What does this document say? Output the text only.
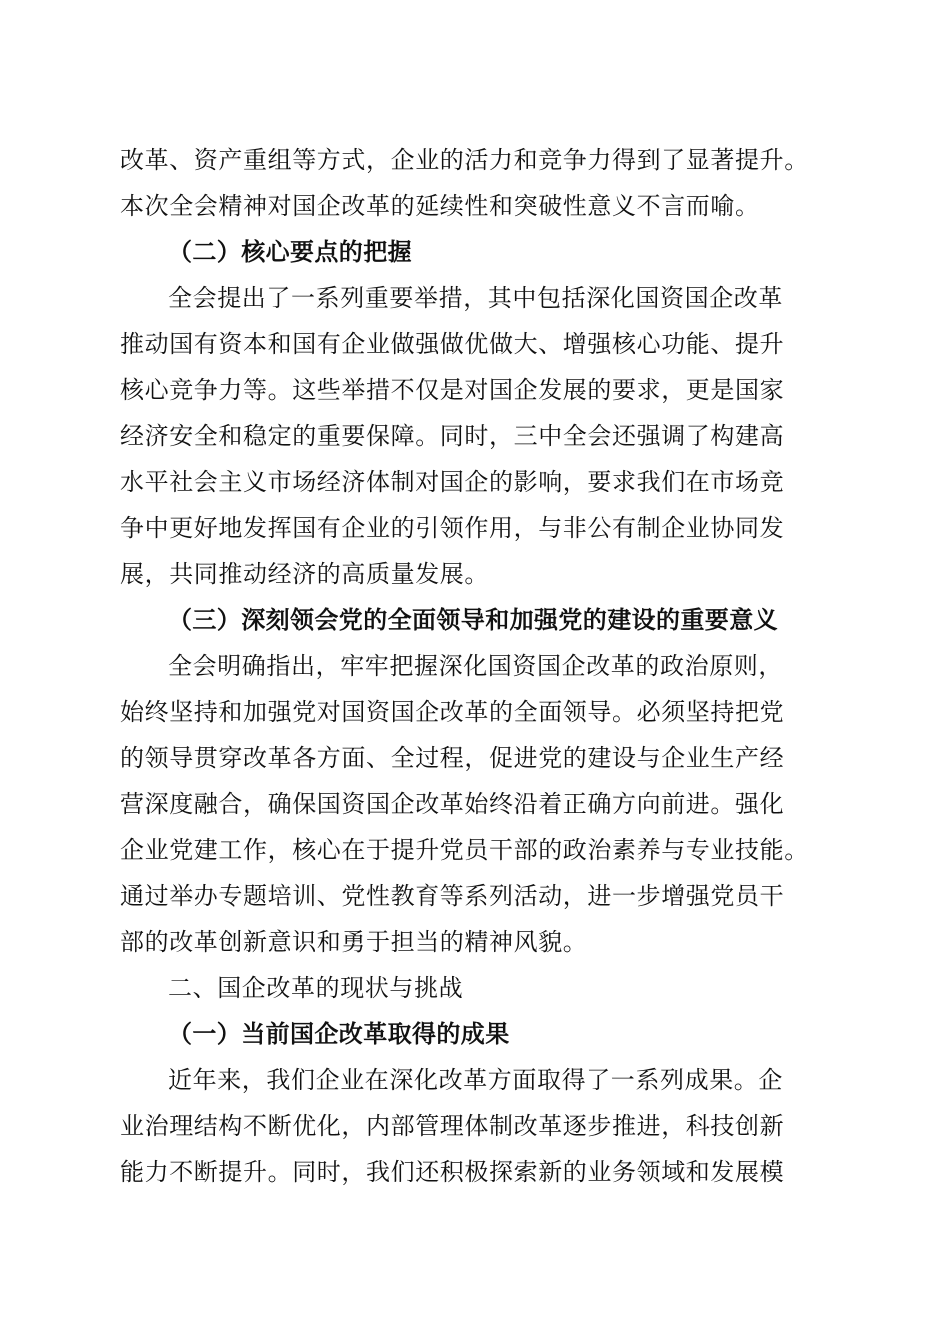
改革、资产重组等方式，企业的活力和竞争力得到了显著提升。
本次全会精神对国企改革的延续性和突破性意义不言而喻。
（二）核心要点的把握
全会提出了一系列重要举措，其中包括深化国资国企改革
推动国有资本和国有企业做强做优做大、增强核心功能、提升
核心竞争力等。这些举措不仅是对国企发展的要求，更是国家
经济安全和稳定的重要保障。同时，三中全会还强调了构建高
水平社会主义市场经济体制对国企的影响，要求我们在市场竞
争中更好地发挥国有企业的引领作用，与非公有制企业协同发
展，共同推动经济的高质量发展。
（三）深刻领会党的全面领导和加强党的建设的重要意义
全会明确指出，牢牢把握深化国资国企改革的政治原则，
始终坚持和加强党对国资国企改革的全面领导。必须坚持把党
的领导贯穿改革各方面、全过程，促进党的建设与企业生产经
营深度融合，确保国资国企改革始终沿着正确方向前进。强化
企业党建工作，核心在于提升党员干部的政治素养与专业技能。
通过举办专题培训、党性教育等系列活动，进一步增强党员干
部的改革创新意识和勇于担当的精神风貌。
二、国企改革的现状与挑战
（一）当前国企改革取得的成果
近年来，我们企业在深化改革方面取得了一系列成果。企
业治理结构不断优化，内部管理体制改革逐步推进，科技创新
能力不断提升。同时，我们还积极探索新的业务领域和发展模
